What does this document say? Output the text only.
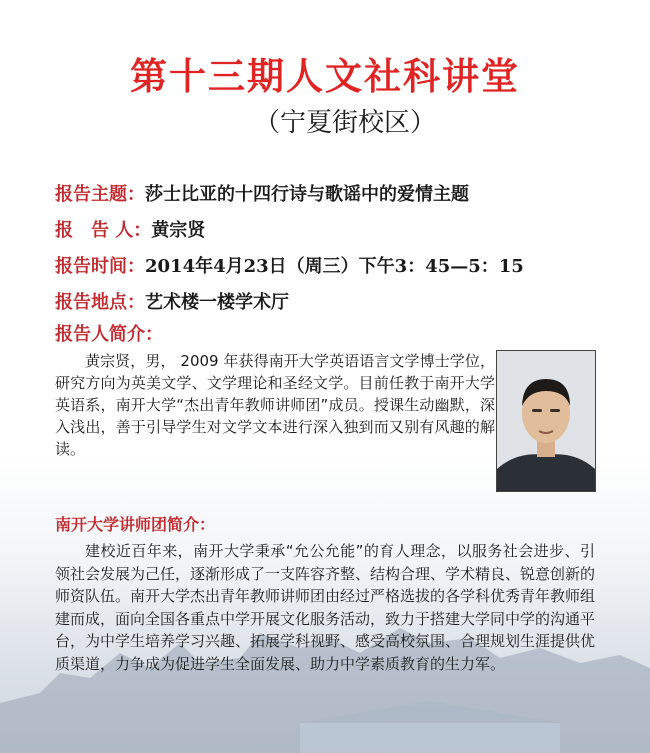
第十三期人文社科讲堂
（宁夏街校区）
报告主题：莎士比亚的十四行诗与歌谣中的爱情主题
报　告 人：黄宗贤
报告时间：2014年4月23日（周三）下午3：45—5：15
报告地点：艺术楼一楼学术厅
报告人简介：

黄宗贤，男， 2009 年获得南开大学英语语言文学博士学位，研究方向为英美文学、文学理论和圣经文学。目前任教于南开大学英语系，南开大学“杰出青年教师讲师团”成员。授课生动幽默，深入浅出，善于引导学生对文学文本进行深入独到而又别有风趣的解读。

南开大学讲师团简介：

建校近百年来，南开大学秉承“允公允能”的育人理念，以服务社会进步、引领社会发展为己任，逐渐形成了一支阵容齐整、结构合理、学术精良、锐意创新的师资队伍。南开大学杰出青年教师讲师团由经过严格选拔的各学科优秀青年教师组建而成，面向全国各重点中学开展文化服务活动，致力于搭建大学同中学的沟通平台，为中学生培养学习兴趣、拓展学科视野、感受高校氛围、合理规划生涯提供优质渠道，力争成为促进学生全面发展、助力中学素质教育的生力军。
